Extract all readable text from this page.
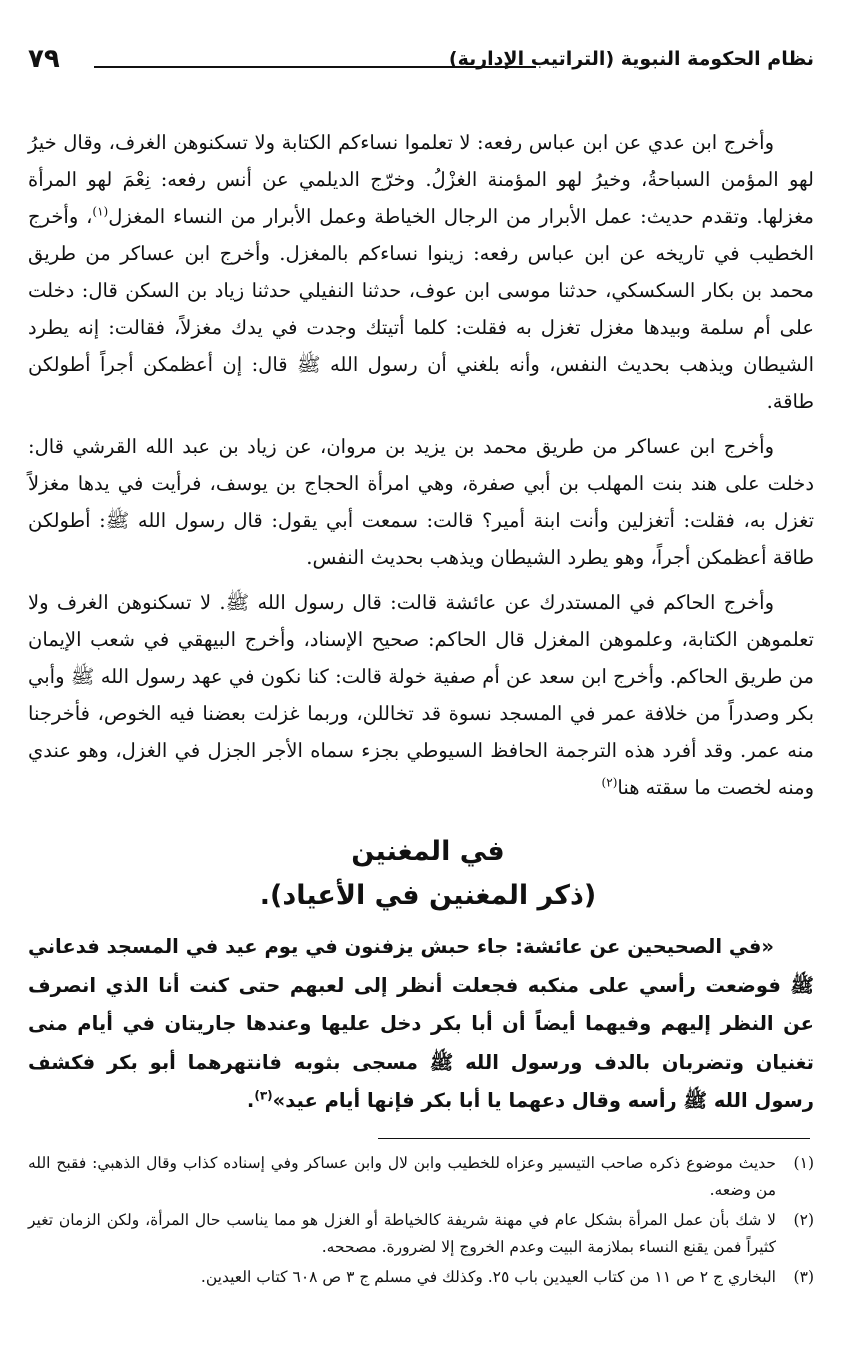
نظام الحكومة النبوية (التراتيب الإدارية)
٧٩

وأخرج ابن عدي عن ابن عباس رفعه: لا تعلموا نساءكم الكتابة ولا تسكنوهن الغرف، وقال خيرُ لهو المؤمن السباحةُ، وخيرُ لهو المؤمنة الغزْلُ. وخرّج الديلمي عن أنس رفعه: نِعْمَ لهو المرأة مغزلها. وتقدم حديث: عمل الأبرار من الرجال الخياطة وعمل الأبرار من النساء المغزل$^{(١)}$، وأخرج الخطيب في تاريخه عن ابن عباس رفعه: زينوا نساءكم بالمغزل. وأخرج ابن عساكر من طريق محمد بن بكار السكسكي، حدثنا موسى ابن عوف، حدثنا النفيلي حدثنا زياد بن السكن قال: دخلت على أم سلمة وبيدها مغزل تغزل به فقلت: كلما أتيتك وجدت في يدك مغزلاً، فقالت: إنه يطرد الشيطان ويذهب بحديث النفس، وأنه بلغني أن رسول الله ﷺ قال: إن أعظمكن أجراً أطولكن طاقة.

وأخرج ابن عساكر من طريق محمد بن يزيد بن مروان، عن زياد بن عبد الله القرشي قال: دخلت على هند بنت المهلب بن أبي صفرة، وهي امرأة الحجاج بن يوسف، فرأيت في يدها مغزلاً تغزل به، فقلت: أتغزلين وأنت ابنة أمير؟ قالت: سمعت أبي يقول: قال رسول الله ﷺ: أطولكن طاقة أعظمكن أجراً، وهو يطرد الشيطان ويذهب بحديث النفس.

وأخرج الحاكم في المستدرك عن عائشة قالت: قال رسول الله ﷺ. لا تسكنوهن الغرف ولا تعلموهن الكتابة، وعلموهن المغزل قال الحاكم: صحيح الإسناد، وأخرج البيهقي في شعب الإيمان من طريق الحاكم. وأخرج ابن سعد عن أم صفية خولة قالت: كنا نكون في عهد رسول الله ﷺ وأبي بكر وصدراً من خلافة عمر في المسجد نسوة قد تخاللن، وربما غزلت بعضنا فيه الخوص، فأخرجنا منه عمر. وقد أفرد هذه الترجمة الحافظ السيوطي بجزء سماه الأجر الجزل في الغزل، وهو عندي ومنه لخصت ما سقته هنا$^{(٢)}$

في المغنين
(ذكر المغنين في الأعياد).
«في الصحيحين عن عائشة: جاء حبش يزفنون في يوم عيد في المسجد فدعاني ﷺ فوضعت رأسي على منكبه فجعلت أنظر إلى لعبهم حتى كنت أنا الذي انصرف عن النظر إليهم وفيهما أيضاً أن أبا بكر دخل عليها وعندها جاريتان في أيام منى تغنيان وتضربان بالدف ورسول الله ﷺ مسجى بثوبه فانتهرهما أبو بكر فكشف رسول الله ﷺ رأسه وقال دعهما يا أبا بكر فإنها أيام عيد»$^{(٣)}$.
(١)
حديث موضوع ذكره صاحب التيسير وعزاه للخطيب وابن لال وابن عساكر وفي إسناده كذاب وقال الذهبي: فقبح الله من وضعه.
(٢)
لا شك بأن عمل المرأة بشكل عام في مهنة شريفة كالخياطة أو الغزل هو مما يناسب حال المرأة، ولكن الزمان تغير كثيراً فمن يقنع النساء بملازمة البيت وعدم الخروج إلا لضرورة. مصححه.
(٣)
البخاري ج ٢ ص ١١ من كتاب العيدين باب ٢٥. وكذلك في مسلم ج ٣ ص ٦٠٨ كتاب العيدين.
